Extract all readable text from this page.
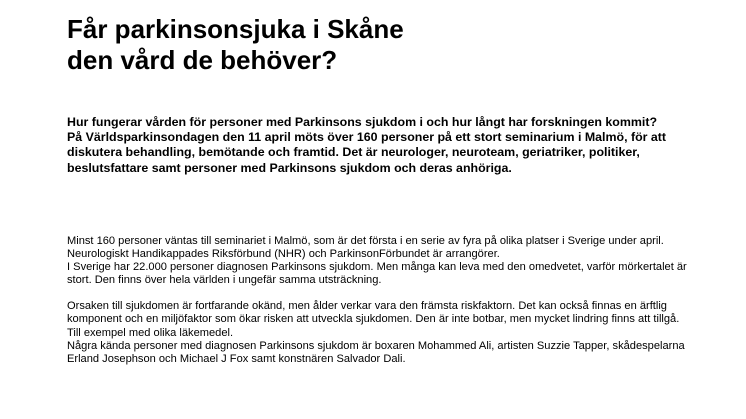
Får parkinsonsjuka i Skåne
den vård de behöver?

Hur fungerar vården för personer med Parkinsons sjukdom i och hur långt har forskningen kommit?

På Världsparkinsondagen den 11 april möts över 160 personer på ett stort seminarium i Malmö, för att diskutera behandling, bemötande och framtid. Det är neurologer, neuroteam, geriatriker, politiker, beslutsfattare samt personer med Parkinsons sjukdom och deras anhöriga.

Minst 160 personer väntas till seminariet i Malmö, som är det första i en serie av fyra på olika platser i Sverige under april. Neurologiskt Handikappades Riksförbund (NHR) och ParkinsonFörbundet är arrangörer.

I Sverige har 22.000 personer diagnosen Parkinsons sjukdom. Men många kan leva med den omedvetet, varför mörkertalet är stort. Den finns över hela världen i ungefär samma utsträckning.

Orsaken till sjukdomen är fortfarande okänd, men ålder verkar vara den främsta riskfaktorn. Det kan också finnas en ärftlig komponent och en miljöfaktor som ökar risken att utveckla sjukdomen. Den är inte botbar, men mycket lindring finns att tillgå. Till exempel med olika läkemedel.

Några kända personer med diagnosen Parkinsons sjukdom är boxaren Mohammed Ali, artisten Suzzie Tapper, skådespelarna Erland Josephson och Michael J Fox samt konstnären Salvador Dali.
